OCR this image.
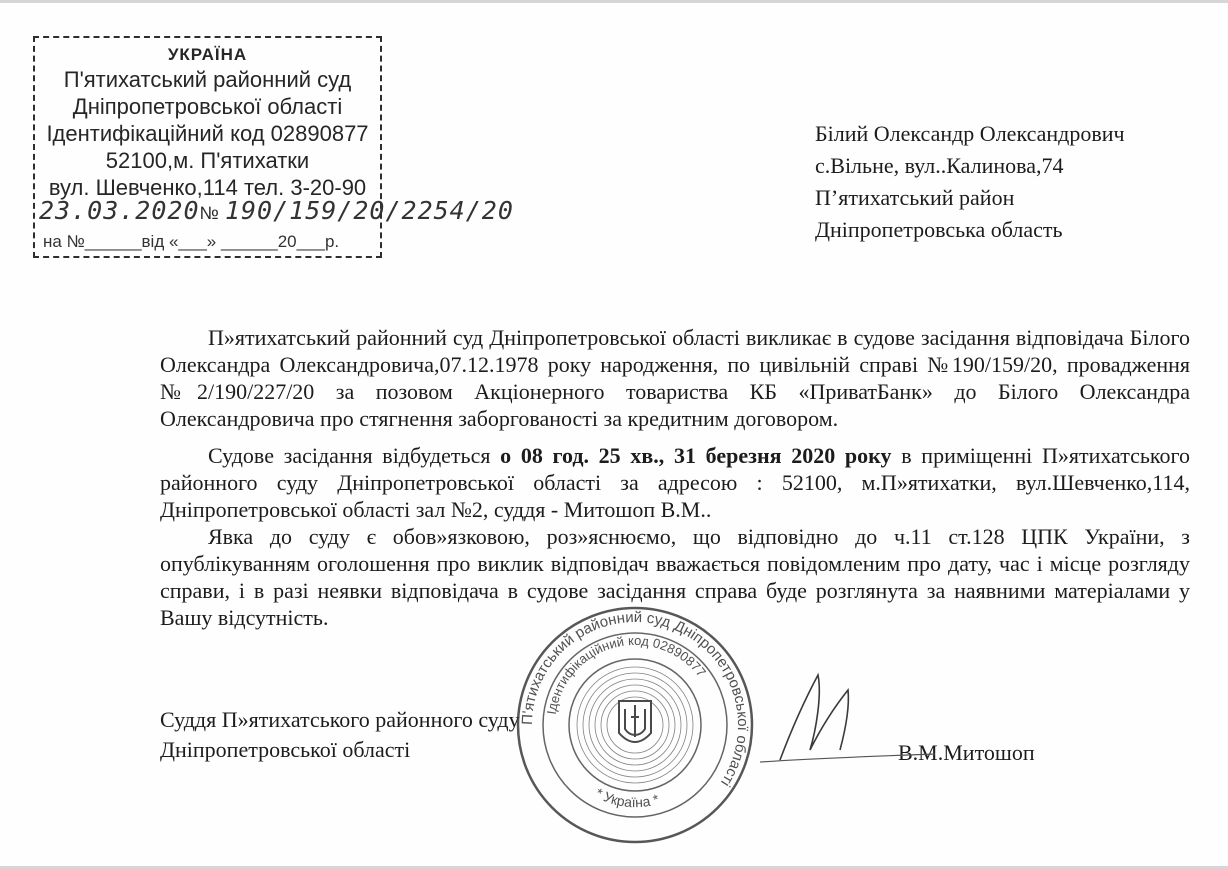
УКРАЇНА
П'ятихатський районний суд
Дніпропетровської області
Ідентифікаційний код 02890877
52100,м. П'ятихатки
вул. Шевченко,114 тел. 3-20-90
23.03.2020№ 190/159/20/2254/20
на №______від «___» ______20___р.
Білий Олександр Олександрович
с.Вільне, вул..Калинова,74
П’ятихатський район
Дніпропетровська область

П»ятихатський районний суд Дніпропетровської області викликає в судове засідання відповідача Білого Олександра Олександровича,07.12.1978 року народження, по цивільній справі №190/159/20, провадження №2/190/227/20 за позовом Акціонерного товариства КБ «ПриватБанк» до Білого Олександра Олександровича про стягнення заборгованості за кредитним договором.

Судове засідання відбудеться о 08 год. 25 хв., 31 березня 2020 року в приміщенні П»ятихатського районного суду Дніпропетровської області за адресою : 52100, м.П»ятихатки, вул.Шевченко,114, Дніпропетровської області зал №2, суддя - Митошоп В.М..

Явка до суду є обов»язковою, роз»яснюємо, що відповідно до ч.11 ст.128 ЦПК України, з опублікуванням оголошення про виклик відповідач вважається повідомленим про дату, час і місце розгляду справи, і в разі неявки відповідача в судове засідання справа буде розглянута за наявними матеріалами у Вашу відсутність.

Суддя П»ятихатського районного суду
Дніпропетровської області	В.М.Митошоп
П'ятихатський районний суд Дніпропетровської області
Ідентифікаційний код 02890877
* Україна *
